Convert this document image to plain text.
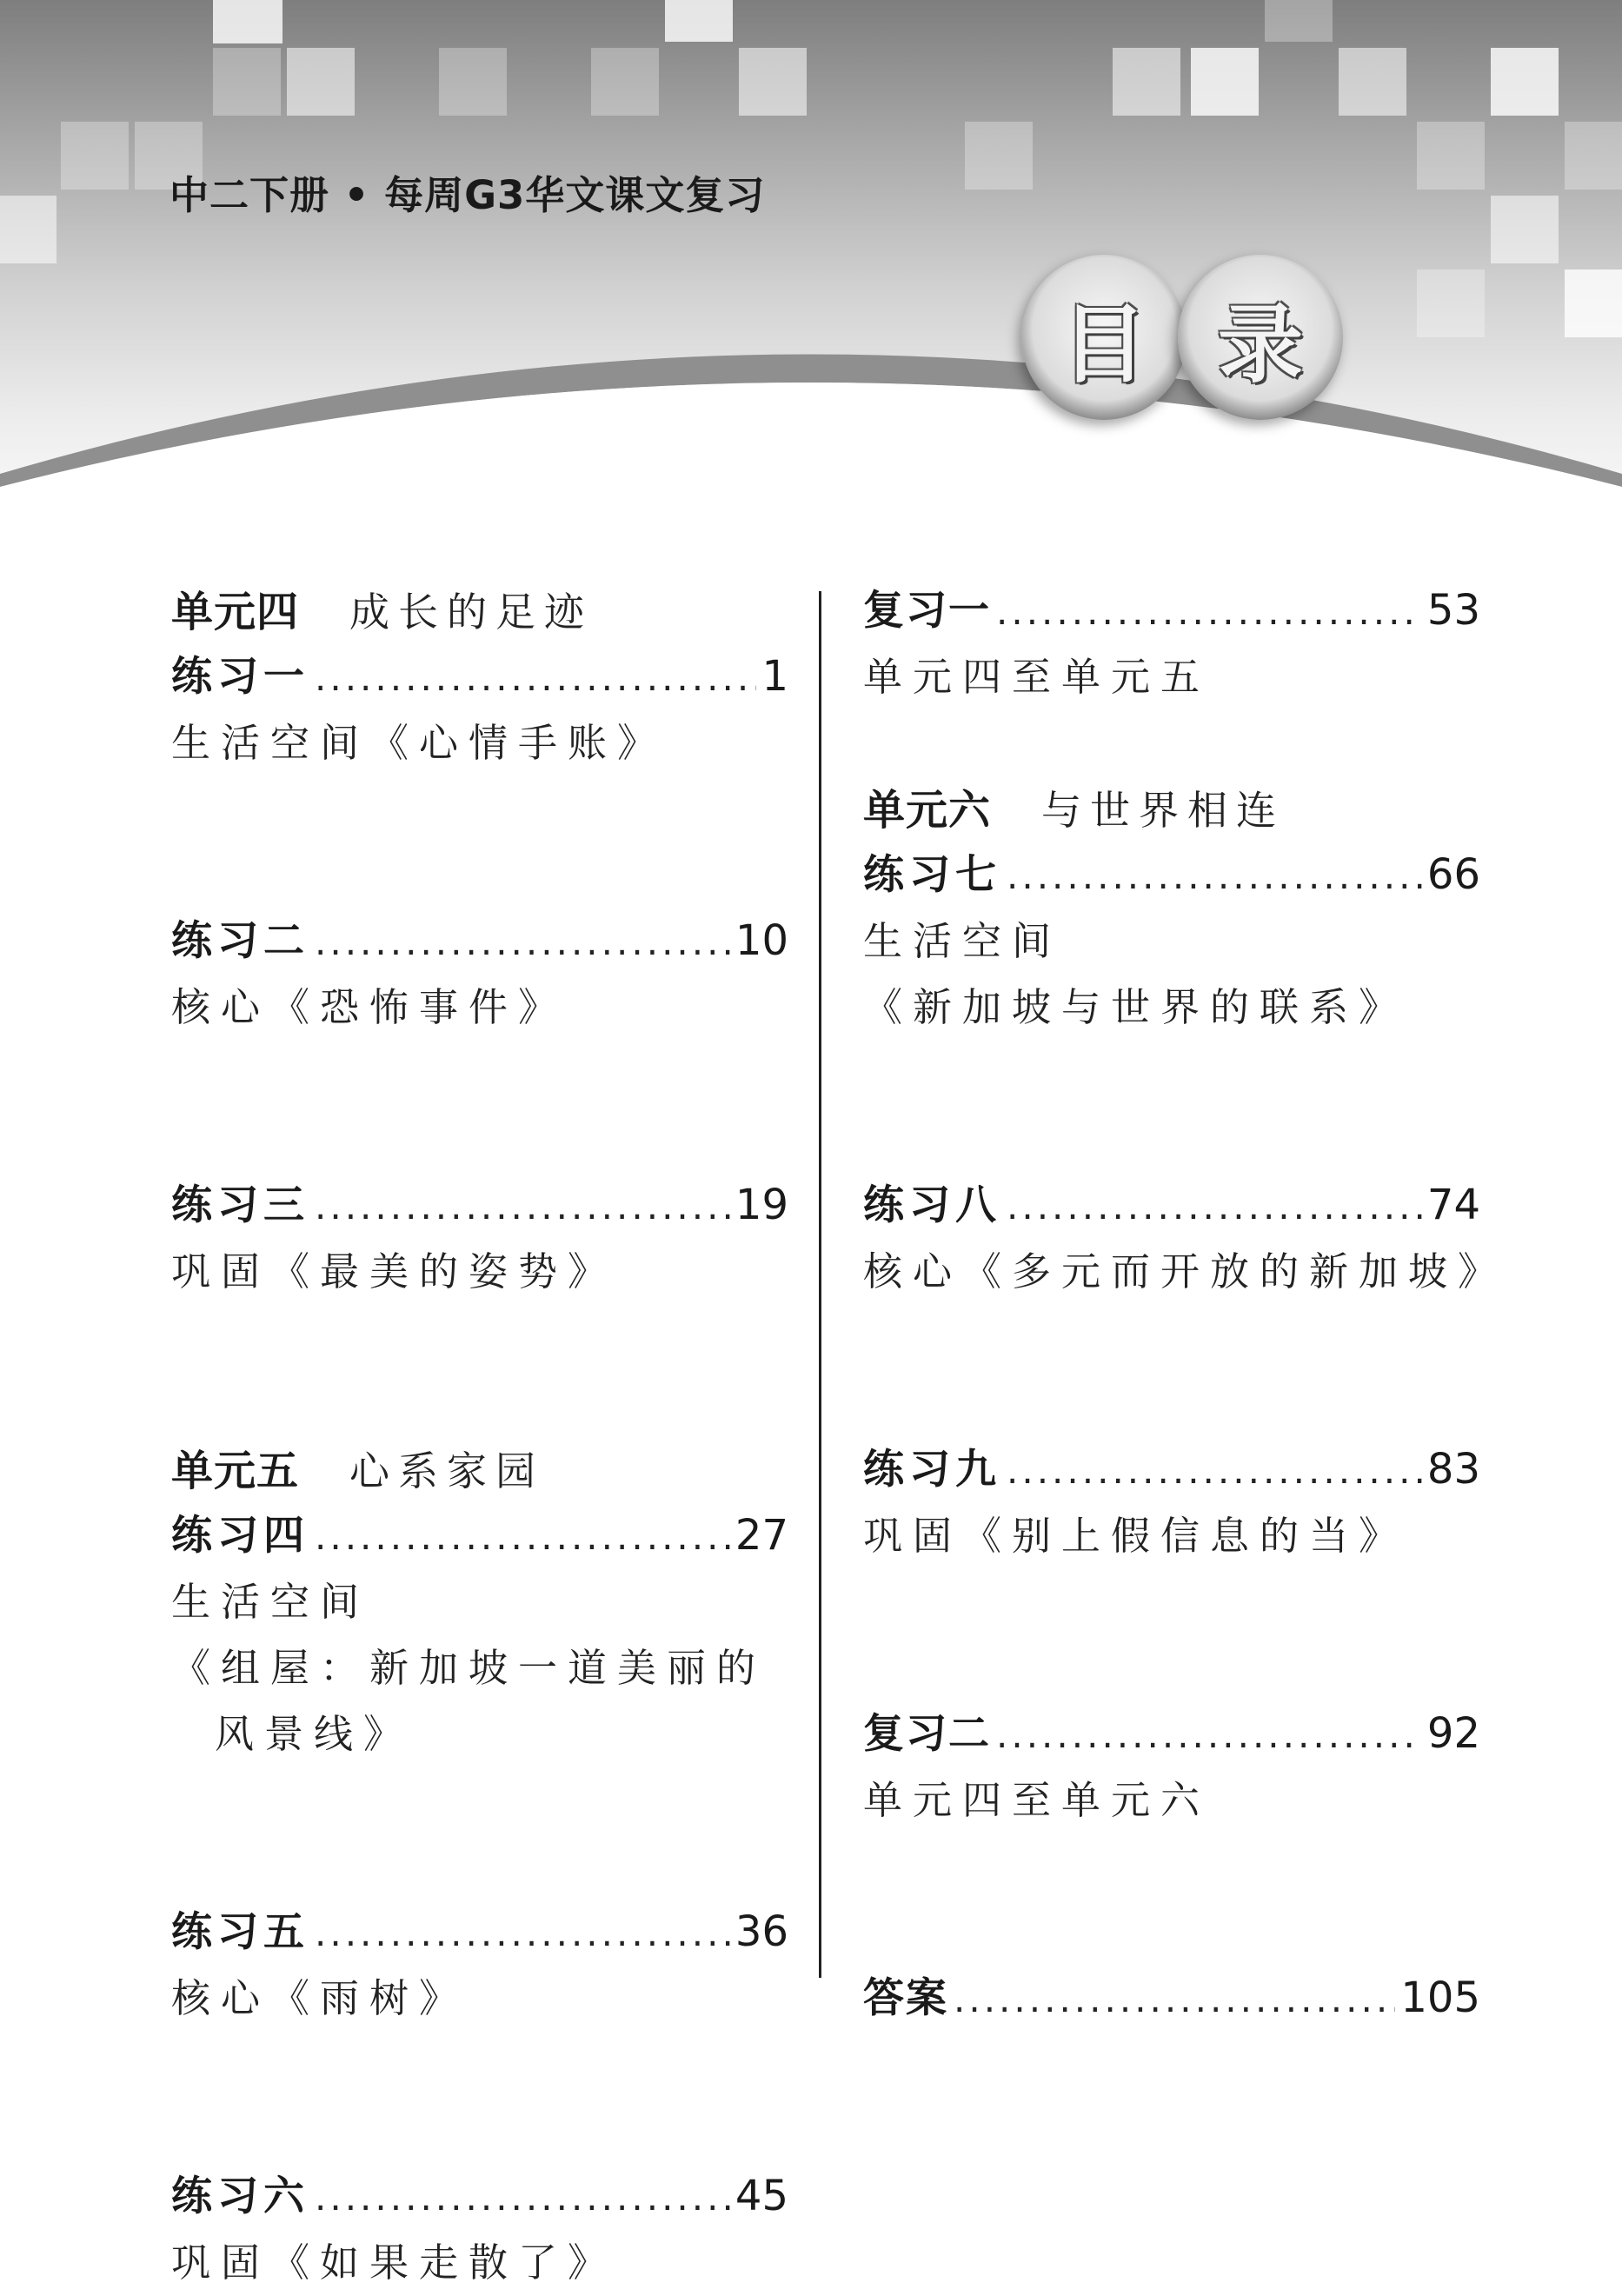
中二下册 • 每周G3华文课文复习
目 录
单元四 成长的足迹
练习一 .....	1
生活空间《心情手账》
练习二 .....	10
核心《恐怖事件》
练习三 .....	19
巩固《最美的姿势》
单元五 心系家园
练习四 .....	27
生活空间
《组屋：新加坡一道美丽的
风景线》
练习五 .....	36
核心《雨树》
练习六 .....	45
巩固《如果走散了》
复习一 .....	53
单元四至单元五
单元六 与世界相连
练习七 .....	66
生活空间
《新加坡与世界的联系》
练习八 .....	74
核心《多元而开放的新加坡》
练习九 .....	83
巩固《别上假信息的当》
复习二 .....	92
单元四至单元六
答案 .....	105
